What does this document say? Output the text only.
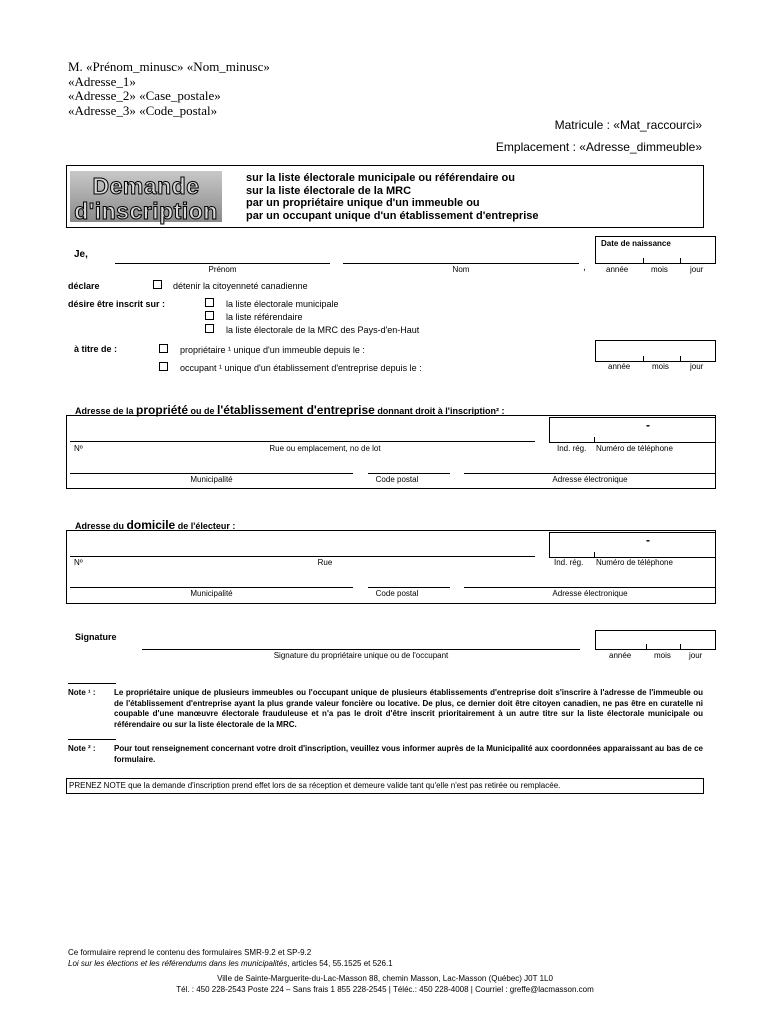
M. «Prénom_minusc» «Nom_minusc»
«Adresse_1»
«Adresse_2» «Case_postale»
«Adresse_3» «Code_postal»
Matricule : «Mat_raccourci»
Emplacement : «Adresse_dimmeuble»
Demande
d'inscription
sur la liste électorale municipale ou référendaire ou
sur la liste électorale de la MRC
par un propriétaire unique d'un immeuble ou
par un occupant unique d'un établissement d'entreprise
Je,
Prénom	Nom	,
Date de naissance
année	mois	jour
déclare	détenir la citoyenneté canadienne
désire être inscrit sur :	la liste électorale municipale
la liste référendaire
la liste électorale de la MRC des Pays-d'en-Haut
à titre de :	propriétaire ¹ unique d'un immeuble depuis le :
occupant ¹ unique d'un établissement d'entreprise depuis le :	année	mois	jour
Adresse de la propriété ou de l'établissement d'entreprise donnant droit à l'inscription² :
-
Nº	Rue ou emplacement, no de lot	Ind. rég. Numéro de téléphone
Municipalité	Code postal	Adresse électronique
Adresse du domicile de l'électeur :
-
Nº	Rue	Ind. rég. Numéro de téléphone
Municipalité	Code postal	Adresse électronique
Signature
Signature du propriétaire unique ou de l'occupant	année	mois jour
Note ¹ : Le propriétaire unique de plusieurs immeubles ou l'occupant unique de plusieurs établissements d'entreprise doit s'inscrire à l'adresse de l'immeuble ou de l'établissement d'entreprise ayant la plus grande valeur foncière ou locative. De plus, ce dernier doit être citoyen canadien, ne pas être en curatelle ni coupable d'une manœuvre électorale frauduleuse et n'a pas le droit d'être inscrit prioritairement à un autre titre sur la liste électorale municipale ou référendaire ou sur la liste électorale de la MRC.
Note ² : Pour tout renseignement concernant votre droit d'inscription, veuillez vous informer auprès de la Municipalité aux coordonnées apparaissant au bas de ce formulaire.
PRENEZ NOTE que la demande d'inscription prend effet lors de sa réception et demeure valide tant qu'elle n'est pas retirée ou remplacée.
Ce formulaire reprend le contenu des formulaires SMR-9.2 et SP-9.2
Loi sur les élections et les référendums dans les municipalités, articles 54, 55.1525 et 526.1
Ville de Sainte-Marguerite-du-Lac-Masson 88, chemin Masson, Lac-Masson (Québec) J0T 1L0
Tél. : 450 228-2543 Poste 224 – Sans frais 1 855 228-2545 | Téléc.: 450 228-4008 | Courriel : greffe@lacmasson.com
